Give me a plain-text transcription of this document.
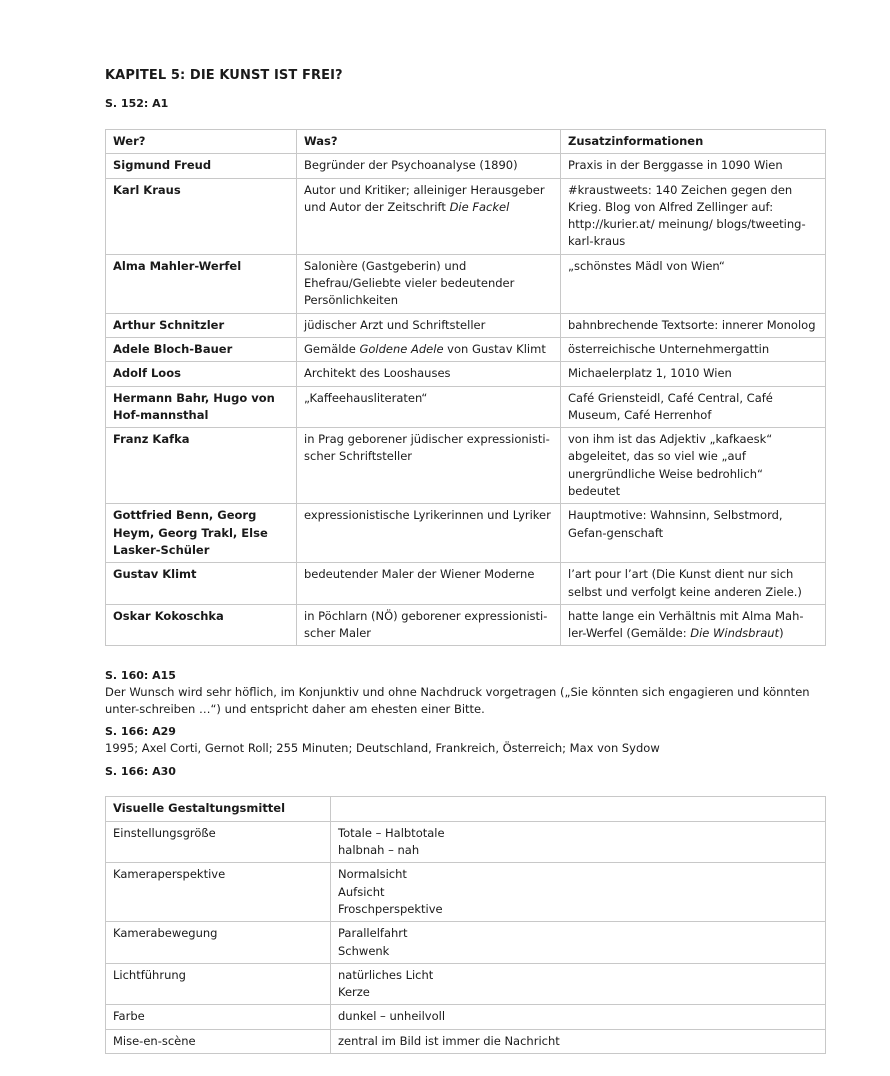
KAPITEL 5: DIE KUNST IST FREI?

S. 152: A1

Wer?	Was?	Zusatzinformationen
Sigmund Freud	Begründer der Psychoanalyse (1890)	Praxis in der Berggasse in 1090 Wien
Karl Kraus	Autor und Kritiker; alleiniger Herausgeber und Autor der Zeitschrift Die Fackel	#kraustweets: 140 Zeichen gegen den Krieg. Blog von Alfred Zellinger auf: http://kurier.at/ meinung/ blogs/tweeting-karl-kraus
Alma Mahler-Werfel	Salonière (Gastgeberin) und Ehefrau/Geliebte vieler bedeutender Persönlichkeiten	„schönstes Mädl von Wien“
Arthur Schnitzler	jüdischer Arzt und Schriftsteller	bahnbrechende Textsorte: innerer Monolog
Adele Bloch-Bauer	Gemälde Goldene Adele von Gustav Klimt	österreichische Unternehmergattin
Adolf Loos	Architekt des Looshauses	Michaelerplatz 1, 1010 Wien
Hermann Bahr, Hugo von Hof-mannsthal	„Kaffeehausliteraten“	Café Griensteidl, Café Central, Café Museum, Café Herrenhof
Franz Kafka	in Prag geborener jüdischer expressionisti-scher Schriftsteller	von ihm ist das Adjektiv „kafkaesk“ abgeleitet, das so viel wie „auf unergründliche Weise bedrohlich“ bedeutet
Gottfried Benn, Georg Heym, Georg Trakl, Else Lasker-Schüler	expressionistische Lyrikerinnen und Lyriker	Hauptmotive: Wahnsinn, Selbstmord, Gefan-genschaft
Gustav Klimt	bedeutender Maler der Wiener Moderne	l’art pour l’art (Die Kunst dient nur sich selbst und verfolgt keine anderen Ziele.)
Oskar Kokoschka	in Pöchlarn (NÖ) geborener expressionisti-scher Maler	hatte lange ein Verhältnis mit Alma Mah-ler-Werfel (Gemälde: Die Windsbraut)

S. 160: A15

Der Wunsch wird sehr höflich, im Konjunktiv und ohne Nachdruck vorgetragen („Sie könnten sich engagieren und könnten unter-schreiben …“) und entspricht daher am ehesten einer Bitte.

S. 166: A29

1995; Axel Corti, Gernot Roll; 255 Minuten; Deutschland, Frankreich, Österreich; Max von Sydow

S. 166: A30

Visuelle Gestaltungsmittel	
Einstellungsgröße	Totale – Halbtotale
halbnah – nah

Kameraperspektive	Normalsicht
Aufsicht
Froschperspektive

Kamerabewegung	Parallelfahrt
Schwenk

Lichtführung	natürliches Licht
Kerze

Farbe	dunkel – unheilvoll

Mise-en-scène	zentral im Bild ist immer die Nachricht
